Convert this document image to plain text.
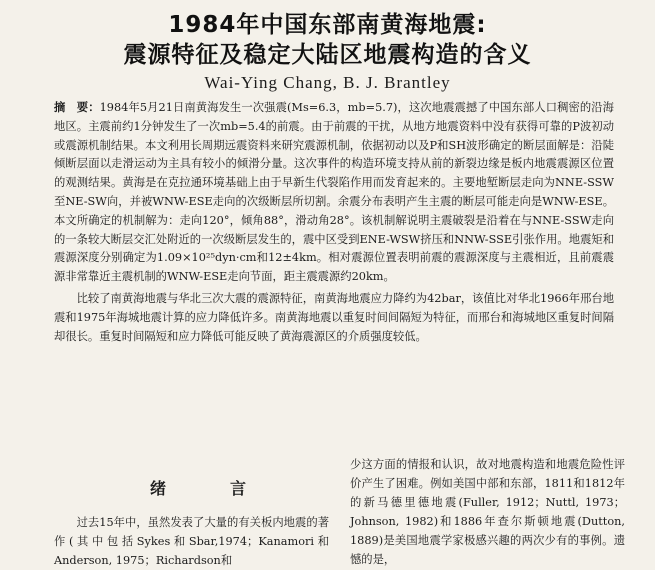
1984年中国东部南黄海地震:
震源特征及稳定大陆区地震构造的含义
Wai-Ying Chang, B. J. Brantley

摘　要：1984年5月21日南黄海发生一次强震(Ms=6.3，mb=5.7)，这次地震震撼了中国东部人口稠密的沿海地区。主震前约1分钟发生了一次mb=5.4的前震。由于前震的干扰，从地方地震资料中没有获得可靠的P波初动或震源机制结果。本文利用长周期远震资料来研究震源机制，依据初动以及P和SH波形确定的断层面解是：沿陡倾断层面以走滑运动为主具有较小的倾滑分量。这次事件的构造环境支持从前的新裂边缘是板内地震震源区位置的观测结果。黄海是在克拉通环境基础上由于早新生代裂陷作用而发育起来的。主要地堑断层走向为NNE-SSW至NE-SW向，并被WNW-ESE走向的次级断层所切割。余震分布表明产生主震的断层可能走向是WNW-ESE。本文所确定的机制解为：走向120°，倾角88°，滑动角28°。该机制解说明主震破裂是沿着在与NNE-SSW走向的一条较大断层交汇处附近的一次级断层发生的，震中区受到ENE-WSW挤压和NNW-SSE引张作用。地震矩和震源深度分别确定为1.09×10²⁵dyn·cm和12±4km。相对震源位置表明前震的震源深度与主震相近，且前震震源非常靠近主震机制的WNW-ESE走向节面，距主震震源约20km。

比较了南黄海地震与华北三次大震的震源特征，南黄海地震应力降约为42bar，该值比对华北1966年邢台地震和1975年海城地震计算的应力降低许多。南黄海地震以重复时间间隔短为特征，而邢台和海城地区重复时间隔却很长。重复时间隔短和应力降低可能反映了黄海震源区的介质强度较低。

绪　言

过去15年中，虽然发表了大量的有关板内地震的著作(其中包括Sykes和Sbar,1974；Kanamori和Anderson, 1975；Richardson和

少这方面的情报和认识，故对地震构造和地震危险性评价产生了困难。例如美国中部和东部，1811和1812年的新马德里德地震(Fuller, 1912；Nuttl, 1973；Johnson, 1982)和1886年查尔斯顿地震(Dutton, 1889)是美国地震学家极感兴趣的两次少有的事例。遗憾的是，
